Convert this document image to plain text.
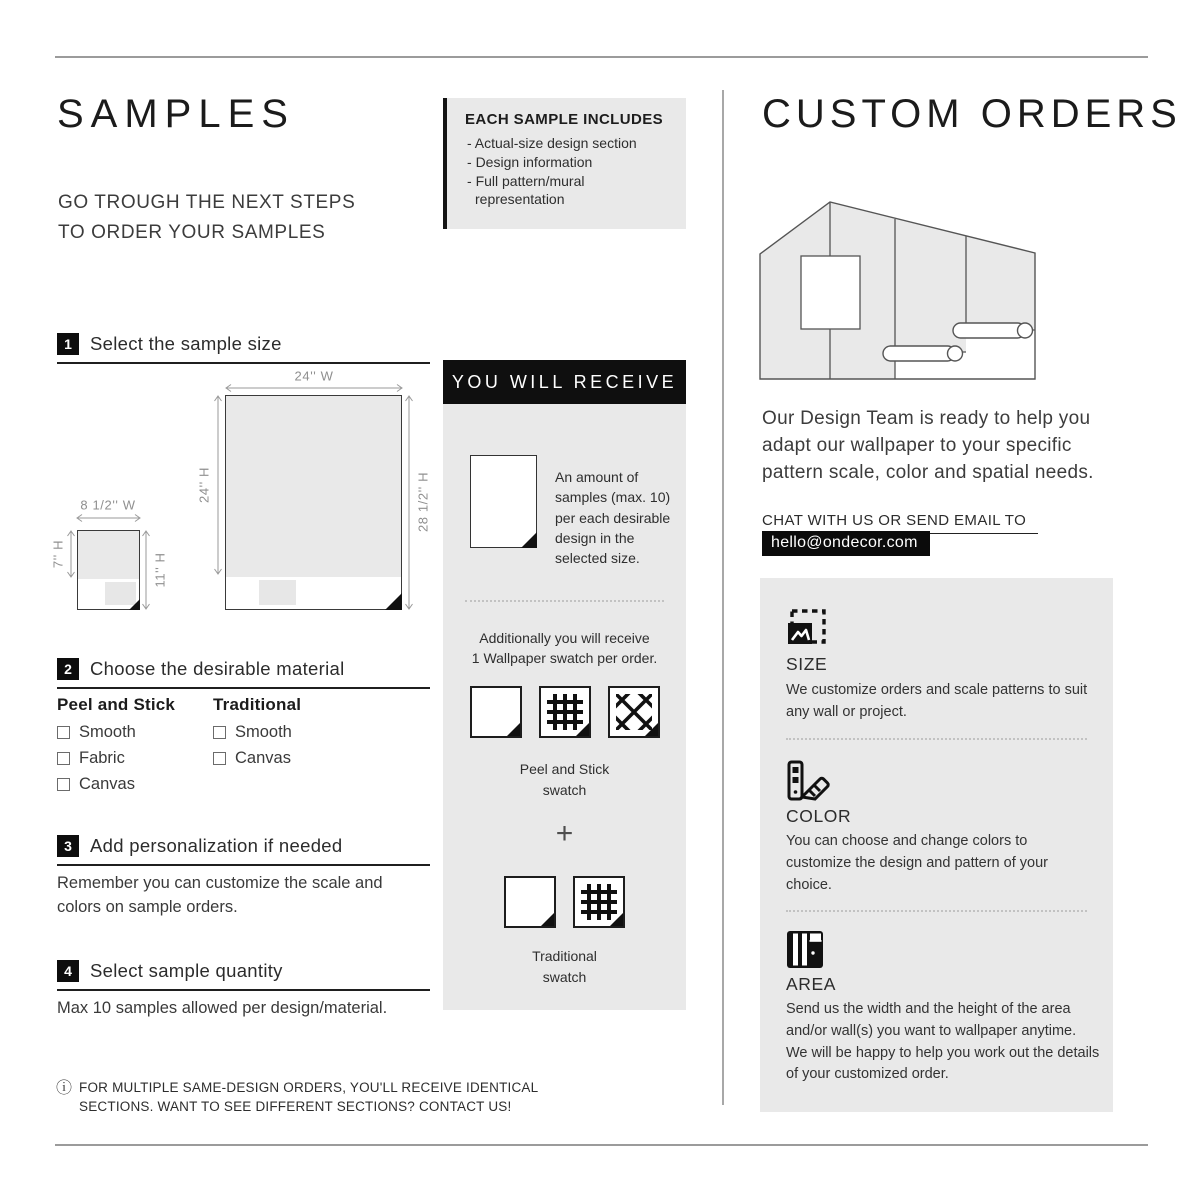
SAMPLES
GO TROUGH THE NEXT STEPS
TO ORDER YOUR SAMPLES
EACH SAMPLE INCLUDES
- Actual-size design section
- Design information
- Full pattern/mural representation
1 Select the sample size
24'' W
24'' H	28 1/2'' H
8 1/2'' W
7'' H	11'' H
2 Choose the desirable material
Peel and Stick
Smooth
Fabric
Canvas
Traditional
Smooth
Canvas
3 Add personalization if needed
Remember you can customize the scale and colors on sample orders.
4 Select sample quantity
Max 10 samples allowed per design/material.
ⓘ FOR MULTIPLE SAME-DESIGN ORDERS, YOU'LL RECEIVE IDENTICAL
SECTIONS. WANT TO SEE DIFFERENT SECTIONS? CONTACT US!
YOU WILL RECEIVE
An amount of samples (max. 10) per each desirable design in the selected size.
Additionally you will receive
1 Wallpaper swatch per order.
Peel and Stick
swatch
+
Traditional
swatch
CUSTOM ORDERS
Our Design Team is ready to help you adapt our wallpaper to your specific pattern scale, color and spatial needs.
CHAT WITH US OR SEND EMAIL TO
hello@ondecor.com
SIZE
We customize orders and scale patterns to suit any wall or project.
COLOR
You can choose and change colors to customize the design and pattern of your choice.
AREA
Send us the width and the height of the area and/or wall(s) you want to wallpaper anytime. We will be happy to help you work out the details of your customized order.
